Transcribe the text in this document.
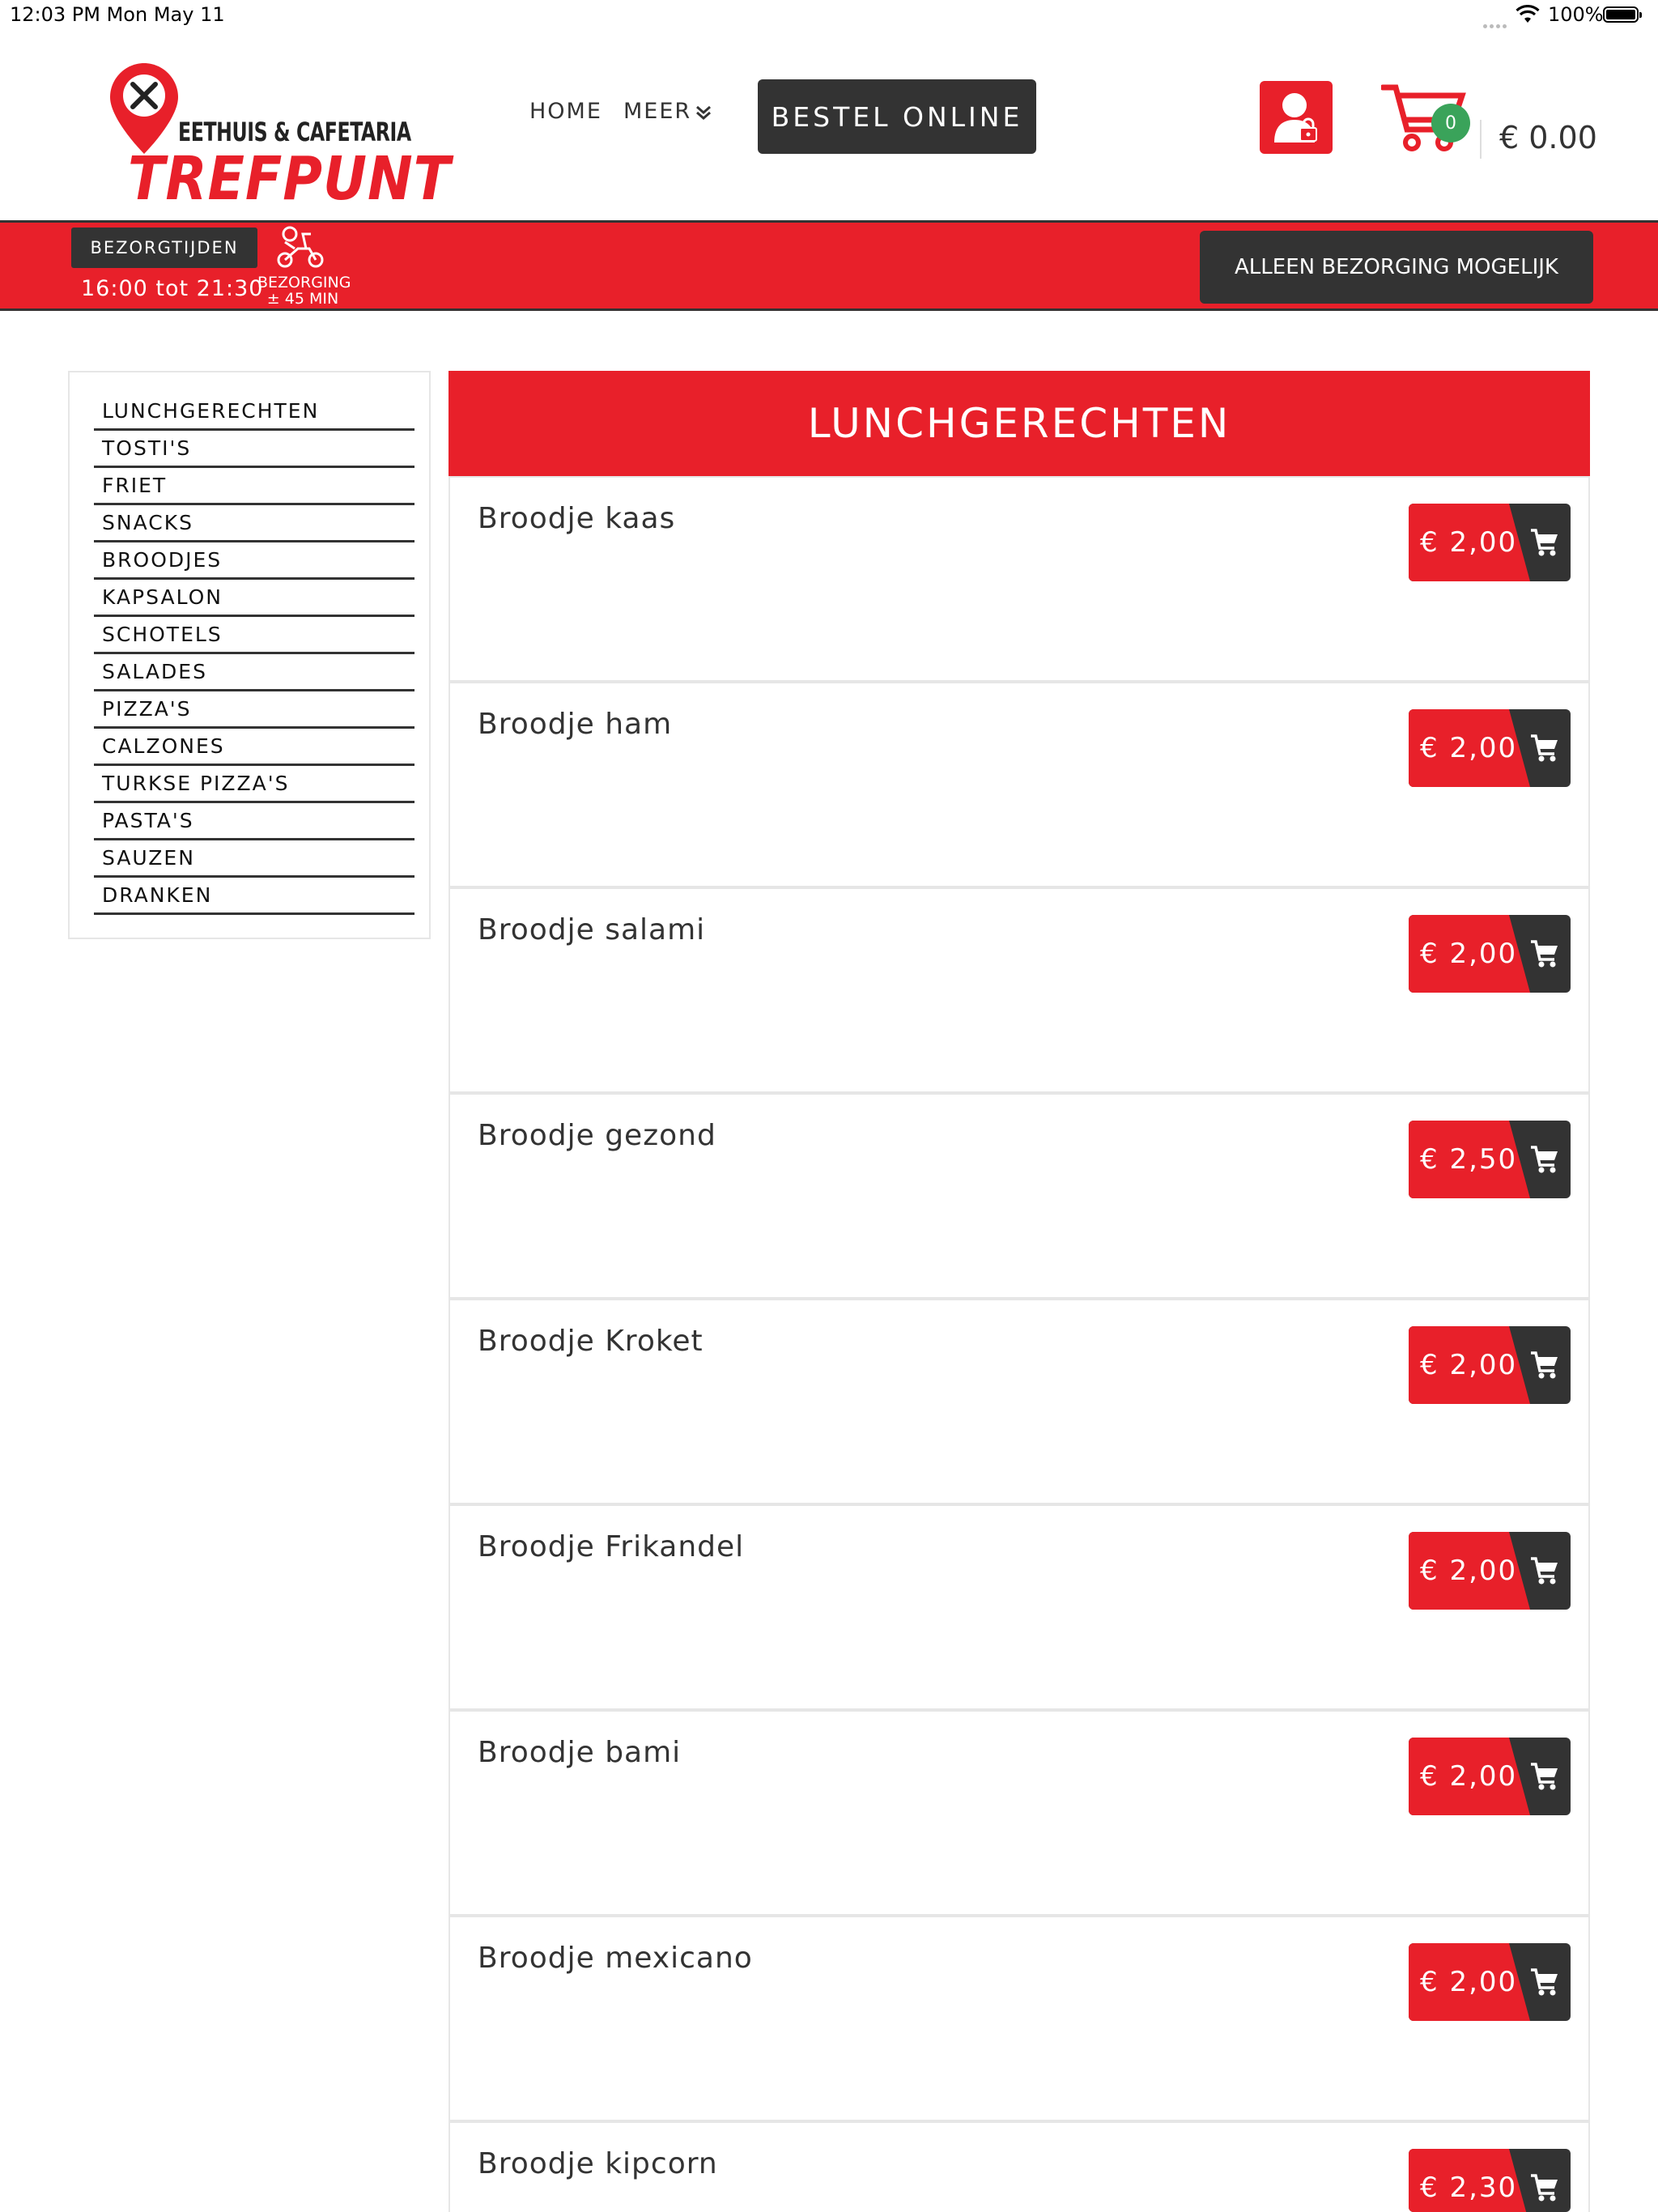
12:03 PM Mon May 11	100%
EETHUIS & CAFETARIA
TREFPUNT
HOME MEER	BESTEL ONLINE	0	€ 0.00
BEZORGTIJDEN
16:00 tot 21:30
BEZORGING
± 45 MIN
ALLEEN BEZORGING MOGELIJK
LUNCHGERECHTEN
TOSTI'S
FRIET
SNACKS
BROODJES
KAPSALON
SCHOTELS
SALADES
PIZZA'S
CALZONES
TURKSE PIZZA'S
PASTA'S
SAUZEN
DRANKEN
LUNCHGERECHTEN
Broodje kaas
€ 2,00
Broodje ham
€ 2,00
Broodje salami
€ 2,00
Broodje gezond
€ 2,50
Broodje Kroket
€ 2,00
Broodje Frikandel
€ 2,00
Broodje bami
€ 2,00
Broodje mexicano
€ 2,00
Broodje kipcorn
€ 2,30
